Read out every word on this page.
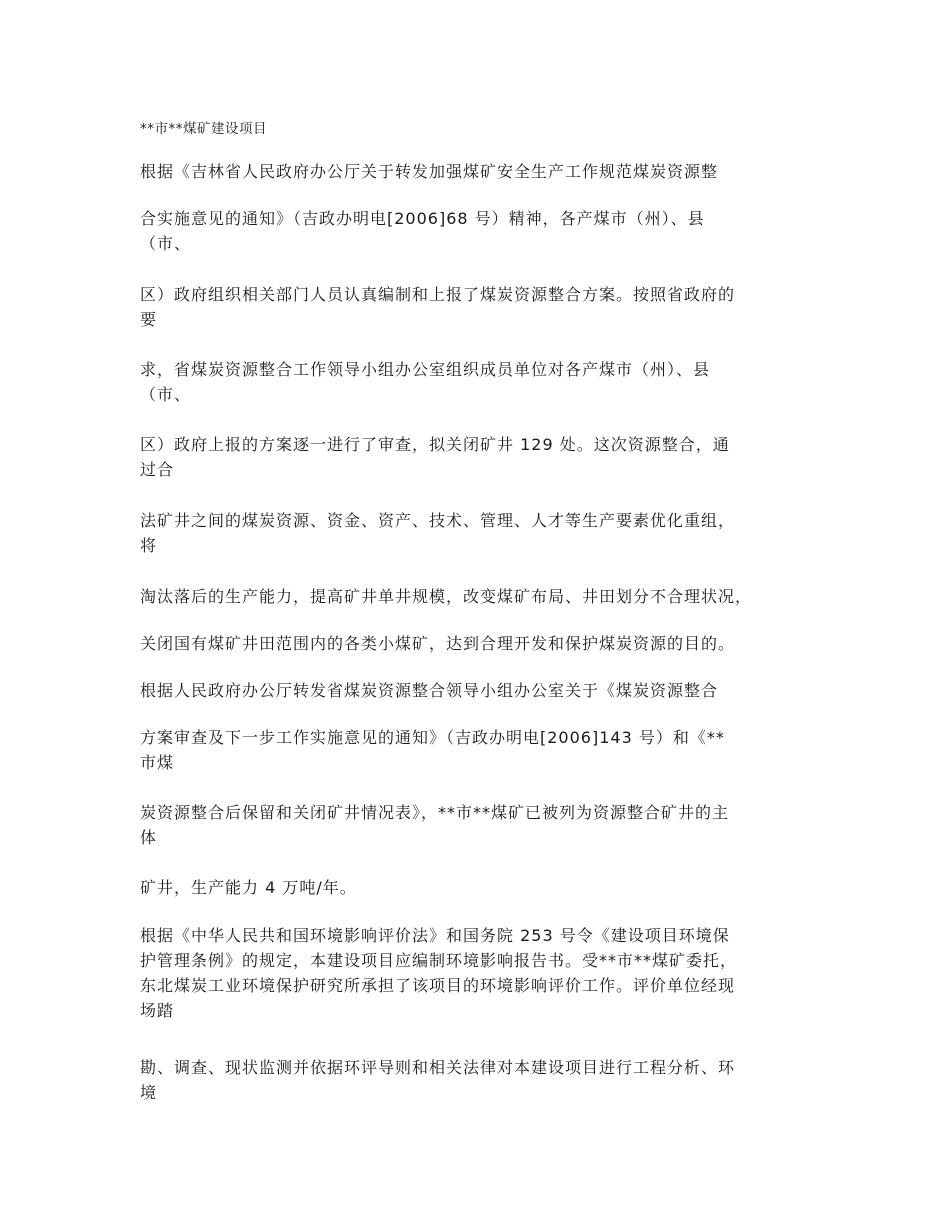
**市**煤矿建设项目
根据《吉林省人民政府办公厅关于转发加强煤矿安全生产工作规范煤炭资源整
合实施意见的通知》（吉政办明电[2006]68 号）精神，各产煤市（州）、县
（市、
区）政府组织相关部门人员认真编制和上报了煤炭资源整合方案。按照省政府的
要
求，省煤炭资源整合工作领导小组办公室组织成员单位对各产煤市（州）、县
（市、
区）政府上报的方案逐一进行了审查，拟关闭矿井 129 处。这次资源整合，通
过合
法矿井之间的煤炭资源、资金、资产、技术、管理、人才等生产要素优化重组，
将
淘汰落后的生产能力，提高矿井单井规模，改变煤矿布局、井田划分不合理状况，
关闭国有煤矿井田范围内的各类小煤矿，达到合理开发和保护煤炭资源的目的。
根据人民政府办公厅转发省煤炭资源整合领导小组办公室关于《煤炭资源整合
方案审查及下一步工作实施意见的通知》（吉政办明电[2006]143 号）和《**
市煤
炭资源整合后保留和关闭矿井情况表》，**市**煤矿已被列为资源整合矿井的主
体
矿井，生产能力 4 万吨/年。
根据《中华人民共和国环境影响评价法》和国务院 253 号令《建设项目环境保
护管理条例》的规定，本建设项目应编制环境影响报告书。受**市**煤矿委托，
东北煤炭工业环境保护研究所承担了该项目的环境影响评价工作。评价单位经现
场踏
勘、调查、现状监测并依据环评导则和相关法律对本建设项目进行工程分析、环
境
